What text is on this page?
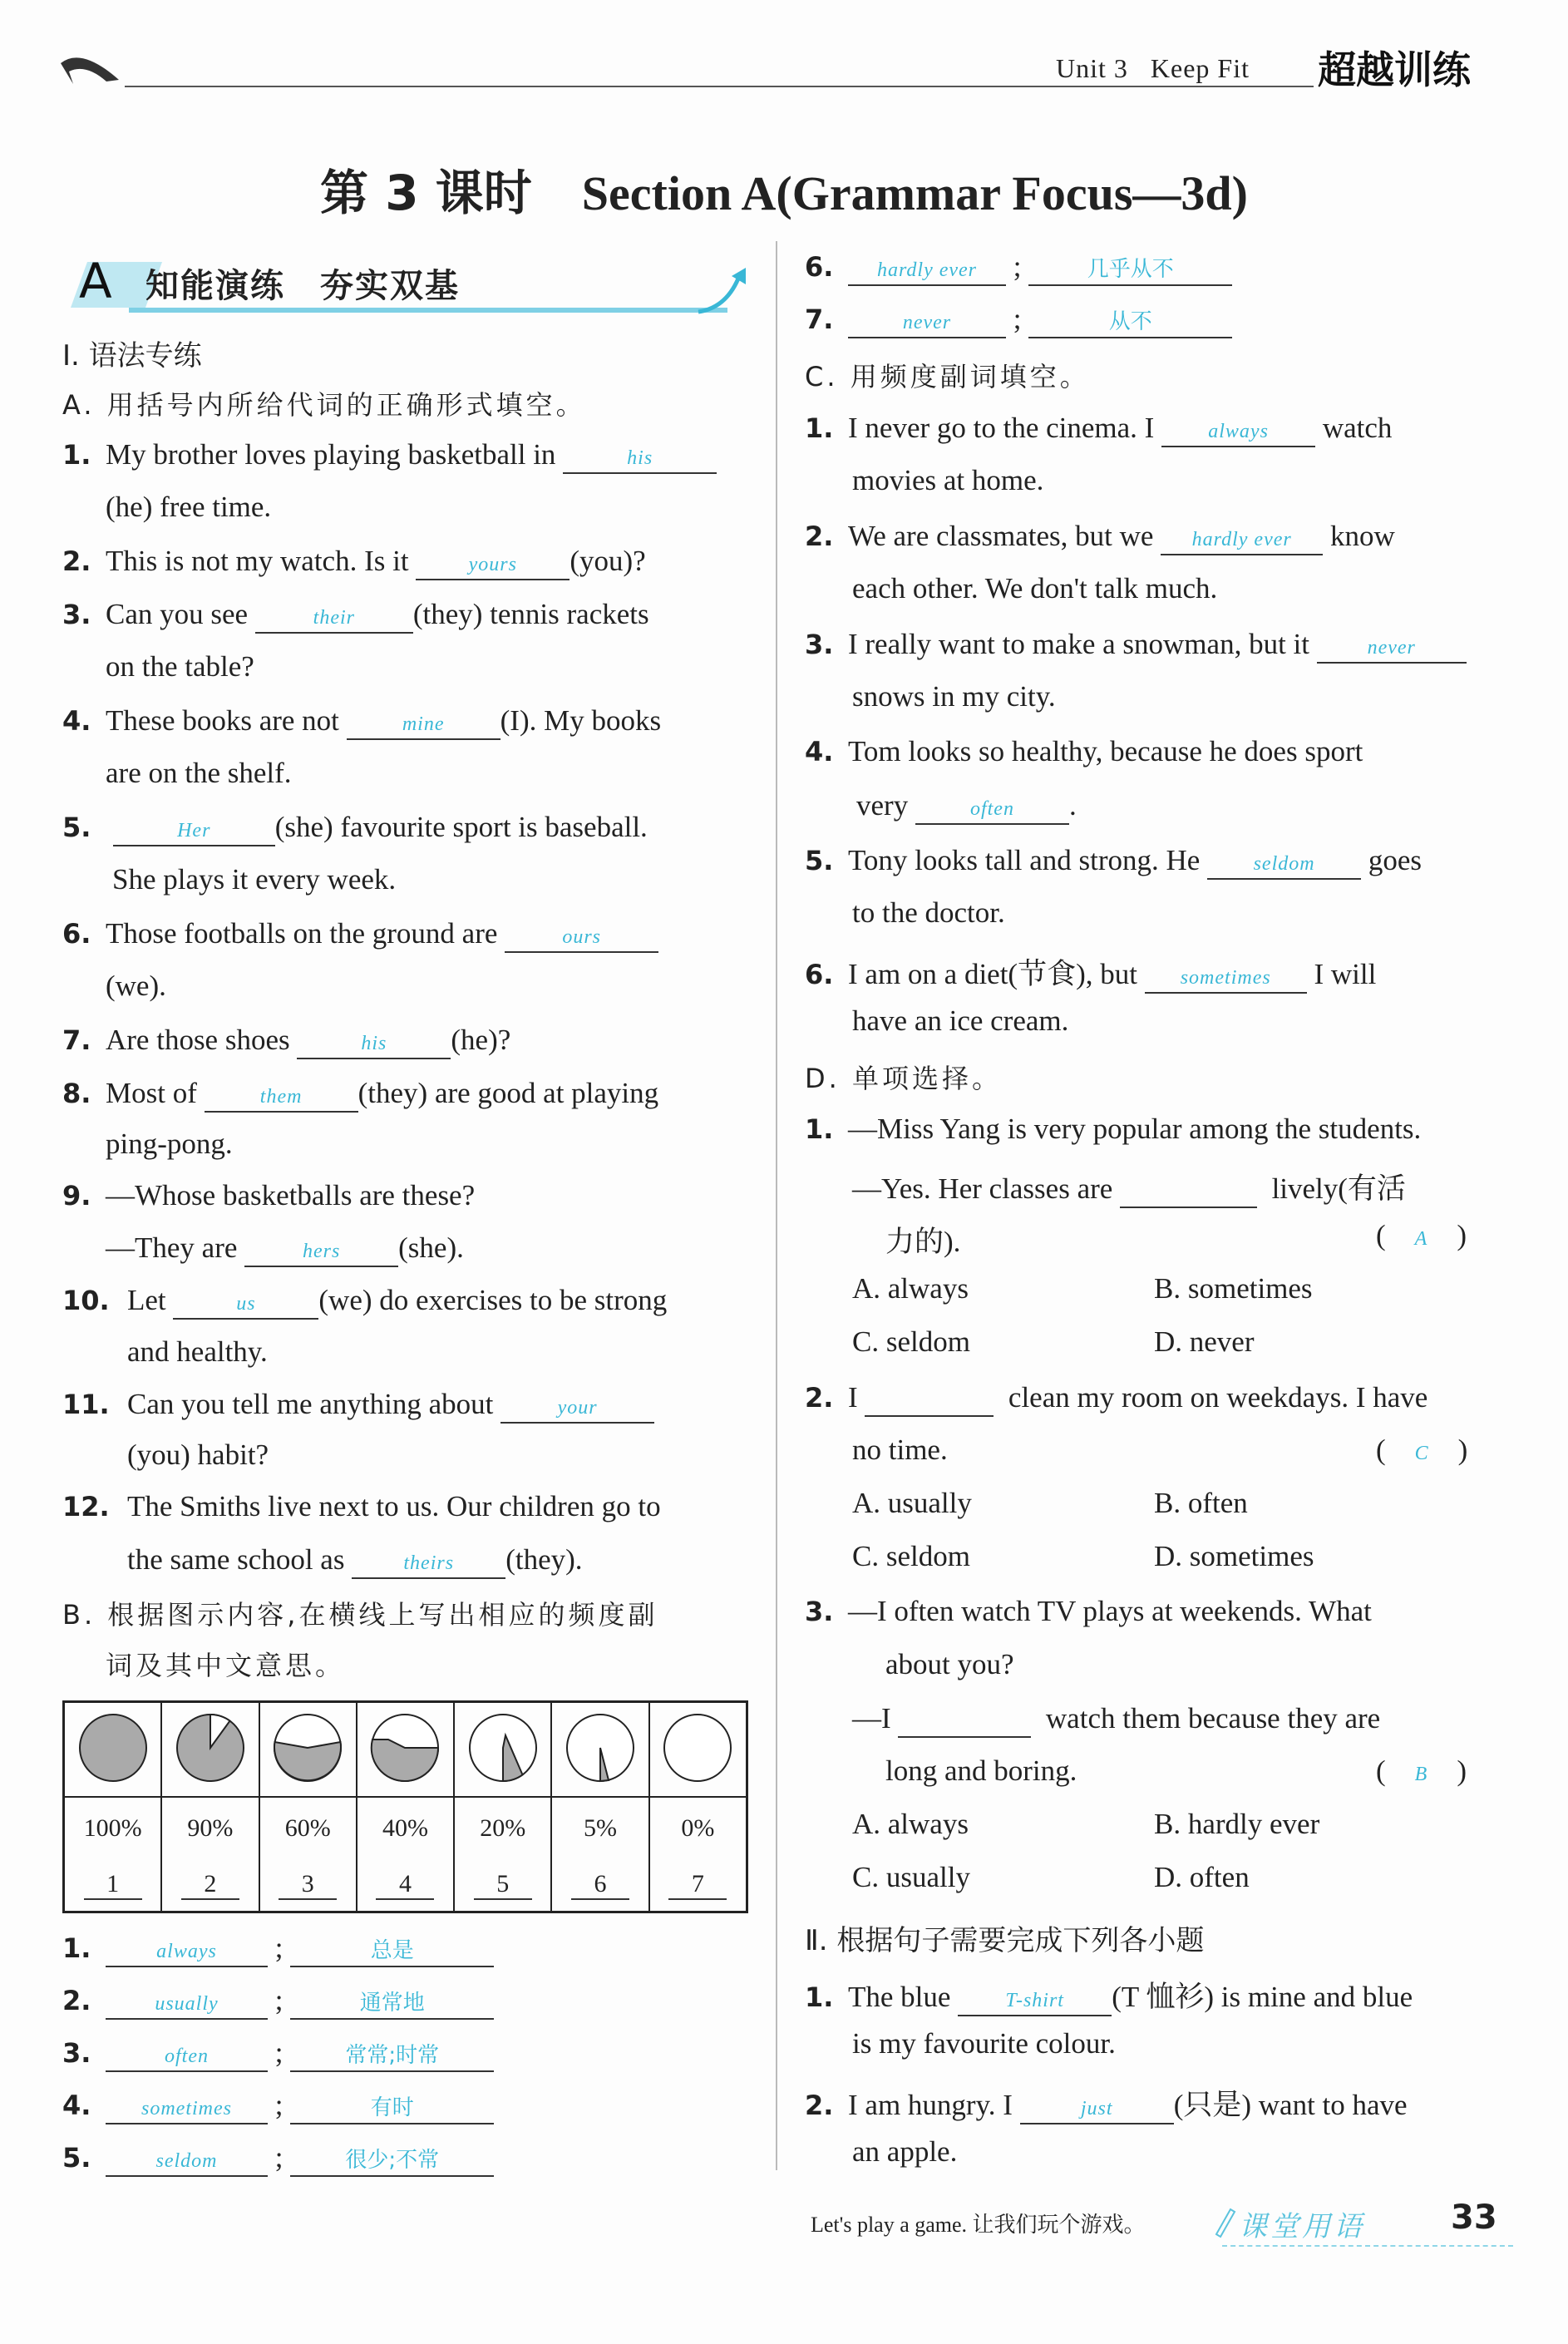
Unit 3 Keep Fit 超越训练
第 3 课时 Section A(Grammar Focus—3d)
A 知能演练　夯实双基
Ⅰ. 语法专练
A. 用括号内所给代词的正确形式填空。
1. My brother loves playing basketball in	his
(he) free time.
2. This is not my watch. Is it	yours (you)?
3. Can you see	their (they) tennis rackets
on the table?
4. These books are not	mine (I). My books
are on the shelf.
5.	Her (she) favourite sport is baseball.
She plays it every week.
6. Those footballs on the ground are	ours
(we).
7. Are those shoes	his (he)?
8. Most of	them (they) are good at playing
ping-pong.
9. —Whose basketballs are these?
—They are	hers (she).
10. Let	us (we) do exercises to be strong
and healthy.
11. Can you tell me anything about	your
(you) habit?
12. The Smiths live next to us. Our children go to
the same school as	theirs (they).
B. 根据图示内容,在横线上写出相应的频度副
词及其中文意思。

100%	90%	60%	40%	20%	5%	0%
1	2	3	4	5	6	7
1.	always ;	总是
2.	usually ;	通常地
3.	often ;	常常;时常
4.	sometimes ;	有时
5.	seldom ;	很少;不常
6. hardly ever ;	几乎从不
7.	never ;	从不
C. 用频度副词填空。
1. I never go to the cinema. I	always watch
movies at home.
2. We are classmates, but we hardly ever know
each other. We don't talk much.
3. I really want to make a snowman, but it	never
snows in my city.
4. Tom looks so healthy, because he does sport
very	often .
5. Tony looks tall and strong. He	seldom goes
to the doctor.
6. I am on a diet(节食), but sometimes I will
have an ice cream.
D. 单项选择。
1. —Miss Yang is very popular among the students.
—Yes. Her classes are	lively(有活
力的).	(    A    )
A. always	B. sometimes
C. seldom	D. never
2. I	clean my room on weekdays. I have
no time.	(    C    )
A. usually	B. often
C. seldom	D. sometimes
3. —I often watch TV plays at weekends. What
about you?
—I	watch them because they are
long and boring.	(    B    )
A. always	B. hardly ever
C. usually	D. often
Ⅱ. 根据句子需要完成下列各小题
1. The blue	T-shirt (T 恤衫) is mine and blue
is my favourite colour.
2. I am hungry. I	just (只是) want to have
an apple.
Let's play a game. 让我们玩个游戏。	课堂用语	33
